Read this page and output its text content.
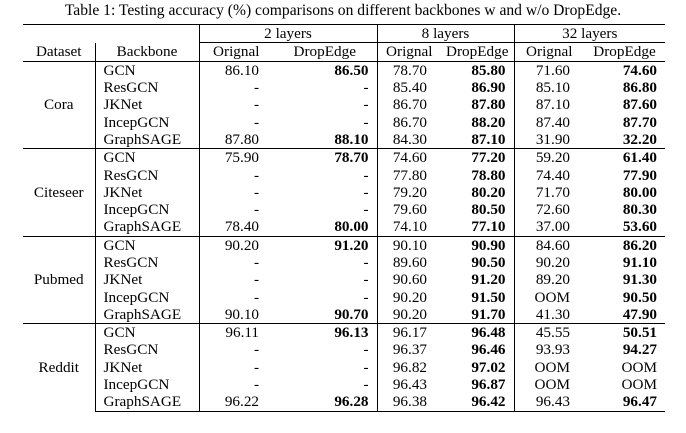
Table 1: Testing accuracy (%) comparisons on different backbones w and w/o DropEdge.
		2 layers		8 layers		32 layers	
Dataset	Backbone	Orignal	DropEdge	Orignal	DropEdge	Orignal	DropEdge
Cora	GCN	86.10	86.50	78.70	85.80	71.60	74.60
	ResGCN	-	-	85.40	86.90	85.10	86.80
	JKNet	-	-	86.70	87.80	87.10	87.60
	IncepGCN	-	-	86.70	88.20	87.40	87.70
	GraphSAGE	87.80	88.10	84.30	87.10	31.90	32.20
Citeseer	GCN	75.90	78.70	74.60	77.20	59.20	61.40
	ResGCN	-	-	77.80	78.80	74.40	77.90
	JKNet	-	-	79.20	80.20	71.70	80.00
	IncepGCN	-	-	79.60	80.50	72.60	80.30
	GraphSAGE	78.40	80.00	74.10	77.10	37.00	53.60
Pubmed	GCN	90.20	91.20	90.10	90.90	84.60	86.20
	ResGCN	-	-	89.60	90.50	90.20	91.10
	JKNet	-	-	90.60	91.20	89.20	91.30
	IncepGCN	-	-	90.20	91.50	OOM	90.50
	GraphSAGE	90.10	90.70	90.20	91.70	41.30	47.90
Reddit	GCN	96.11	96.13	96.17	96.48	45.55	50.51
	ResGCN	-	-	96.37	96.46	93.93	94.27
	JKNet	-	-	96.82	97.02	OOM	OOM
	IncepGCN	-	-	96.43	96.87	OOM	OOM
	GraphSAGE	96.22	96.28	96.38	96.42	96.43	96.47
